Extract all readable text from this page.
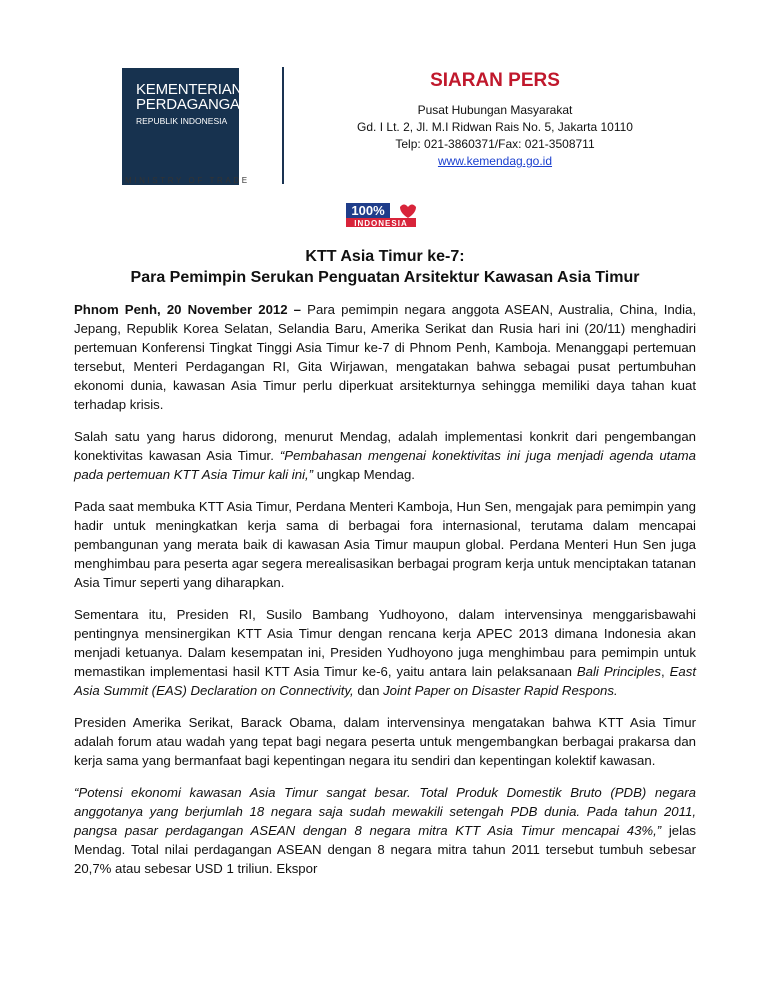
KEMENTERIAN
PERDAGANGAN
REPUBLIK INDONESIA
MINISTRY OF TRADE
SIARAN PERS
Pusat Hubungan Masyarakat
Gd. I Lt. 2, Jl. M.I Ridwan Rais No. 5, Jakarta 10110
Telp: 021-3860371/Fax: 021-3508711
www.kemendag.go.id
100%
INDONESIA
KTT Asia Timur ke-7:
Para Pemimpin Serukan Penguatan Arsitektur Kawasan Asia Timur

Phnom Penh, 20 November 2012 – Para pemimpin negara anggota ASEAN, Australia, China, India, Jepang, Republik Korea Selatan, Selandia Baru, Amerika Serikat dan Rusia hari ini (20/11) menghadiri pertemuan Konferensi Tingkat Tinggi Asia Timur ke-7 di Phnom Penh, Kamboja. Menanggapi pertemuan tersebut, Menteri Perdagangan RI, Gita Wirjawan, mengatakan bahwa sebagai pusat pertumbuhan ekonomi dunia, kawasan Asia Timur perlu diperkuat arsitekturnya sehingga memiliki daya tahan kuat terhadap krisis.

Salah satu yang harus didorong, menurut Mendag, adalah implementasi konkrit dari pengembangan konektivitas kawasan Asia Timur. “Pembahasan mengenai konektivitas ini juga menjadi agenda utama pada pertemuan KTT Asia Timur kali ini,” ungkap Mendag.

Pada saat membuka KTT Asia Timur, Perdana Menteri Kamboja, Hun Sen, mengajak para pemimpin yang hadir untuk meningkatkan kerja sama di berbagai fora internasional, terutama dalam mencapai pembangunan yang merata baik di kawasan Asia Timur maupun global. Perdana Menteri Hun Sen juga menghimbau para peserta agar segera merealisasikan berbagai program kerja untuk menciptakan tatanan Asia Timur seperti yang diharapkan.

Sementara itu, Presiden RI, Susilo Bambang Yudhoyono, dalam intervensinya menggarisbawahi pentingnya mensinergikan KTT Asia Timur dengan rencana kerja APEC 2013 dimana Indonesia akan menjadi ketuanya. Dalam kesempatan ini, Presiden Yudhoyono juga menghimbau para pemimpin untuk memastikan implementasi hasil KTT Asia Timur ke-6, yaitu antara lain pelaksanaan Bali Principles, East Asia Summit (EAS) Declaration on Connectivity, dan Joint Paper on Disaster Rapid Respons.

Presiden Amerika Serikat, Barack Obama, dalam intervensinya mengatakan bahwa KTT Asia Timur adalah forum atau wadah yang tepat bagi negara peserta untuk mengembangkan berbagai prakarsa dan kerja sama yang bermanfaat bagi kepentingan negara itu sendiri dan kepentingan kolektif kawasan.

“Potensi ekonomi kawasan Asia Timur sangat besar. Total Produk Domestik Bruto (PDB) negara anggotanya yang berjumlah 18 negara saja sudah mewakili setengah PDB dunia. Pada tahun 2011, pangsa pasar perdagangan ASEAN dengan 8 negara mitra KTT Asia Timur mencapai 43%,” jelas Mendag. Total nilai perdagangan ASEAN dengan 8 negara mitra tahun 2011 tersebut tumbuh sebesar 20,7% atau sebesar USD 1 triliun. Ekspor
